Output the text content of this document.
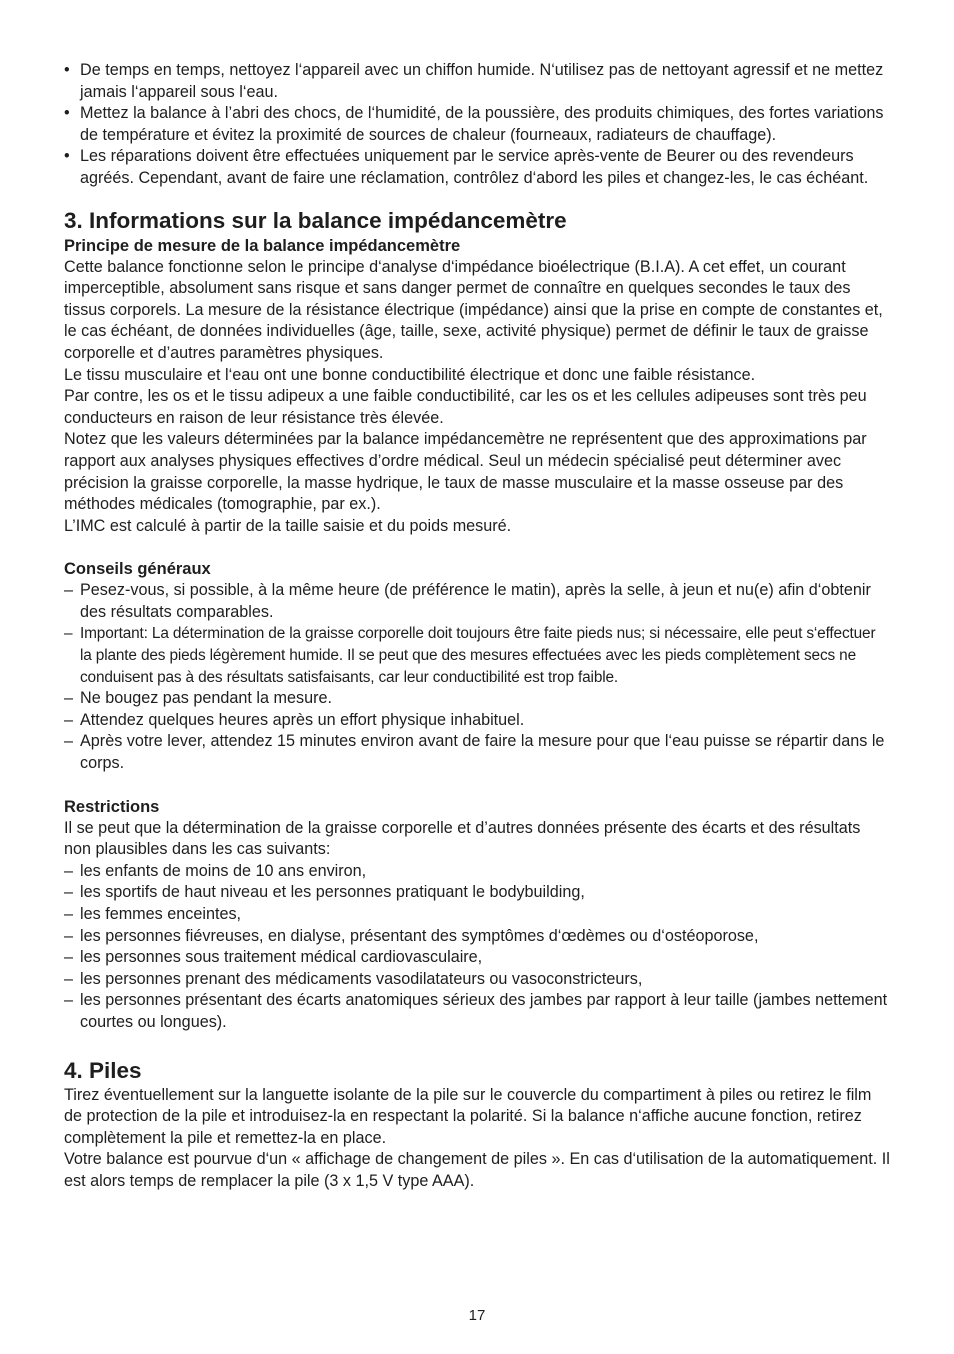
• De temps en temps, nettoyez l‘appareil avec un chiffon humide. N‘utilisez pas de nettoyant agressif et ne mettez jamais l‘appareil sous l‘eau.
• Mettez la balance à l’abri des chocs, de l‘humidité, de la poussière, des produits chimiques, des fortes variations de température et évitez la proximité de sources de chaleur (fourneaux, radiateurs de chauffage).
• Les réparations doivent être effectuées uniquement par le service après-vente de Beurer ou des revendeurs agréés. Cependant, avant de faire une réclamation, contrôlez d‘abord les piles et changez-les, le cas échéant.
3. Informations sur la balance impédancemètre
Principe de mesure de la balance impédancemètre

Cette balance fonctionne selon le principe d‘analyse d‘impédance bioélectrique (B.I.A). A cet effet, un courant imperceptible, absolument sans risque et sans danger permet de connaître en quelques secondes le taux des tissus corporels. La mesure de la résistance électrique (impédance) ainsi que la prise en compte de constantes et, le cas échéant, de données individuelles (âge, taille, sexe, activité physique) permet de définir le taux de graisse corporelle et d’autres paramètres physiques.

Le tissu musculaire et l‘eau ont une bonne conductibilité électrique et donc une faible résistance.

Par contre, les os et le tissu adipeux a une faible conductibilité, car les os et les cellules adipeuses sont très peu conducteurs en raison de leur résistance très élevée.

Notez que les valeurs déterminées par la balance impédancemètre ne représentent que des approximations par rapport aux analyses physiques effectives d’ordre médical. Seul un médecin spécialisé peut déterminer avec précision la graisse corporelle, la masse hydrique, le taux de masse musculaire et la masse osseuse par des méthodes médicales (tomographie, par ex.).

L’IMC est calculé à partir de la taille saisie et du poids mesuré.

Conseils généraux
– Pesez-vous, si possible, à la même heure (de préférence le matin), après la selle, à jeun et nu(e) afin d‘obtenir des résultats comparables.
– Important: La détermination de la graisse corporelle doit toujours être faite pieds nus; si nécessaire, elle peut s‘effectuer la plante des pieds légèrement humide. Il se peut que des mesures effectuées avec les pieds complètement secs ne conduisent pas à des résultats satisfaisants, car leur conductibilité est trop faible.
– Ne bougez pas pendant la mesure.
– Attendez quelques heures après un effort physique inhabituel.
– Après votre lever, attendez 15 minutes environ avant de faire la mesure pour que l‘eau puisse se répartir dans le corps.
Restrictions

Il se peut que la détermination de la graisse corporelle et d’autres données présente des écarts et des résultats non plausibles dans les cas suivants:

– les enfants de moins de 10 ans environ,
– les sportifs de haut niveau et les personnes pratiquant le bodybuilding,
– les femmes enceintes,
– les personnes fiévreuses, en dialyse, présentant des symptômes d‘œdèmes ou d‘ostéoporose,
– les personnes sous traitement médical cardiovasculaire,
– les personnes prenant des médicaments vasodilatateurs ou vasoconstricteurs,
– les personnes présentant des écarts anatomiques sérieux des jambes par rapport à leur taille (jambes nettement courtes ou longues).
4. Piles

Tirez éventuellement sur la languette isolante de la pile sur le couvercle du compartiment à piles ou retirez le film de protection de la pile et introduisez-la en respectant la polarité. Si la balance n‘affiche aucune fonction, retirez complètement la pile et remettez-la en place.

Votre balance est pourvue d‘un « affichage de changement de piles ». En cas d‘utilisation de la automatiquement. Il est alors temps de remplacer la pile (3 x 1,5 V type AAA).

17
